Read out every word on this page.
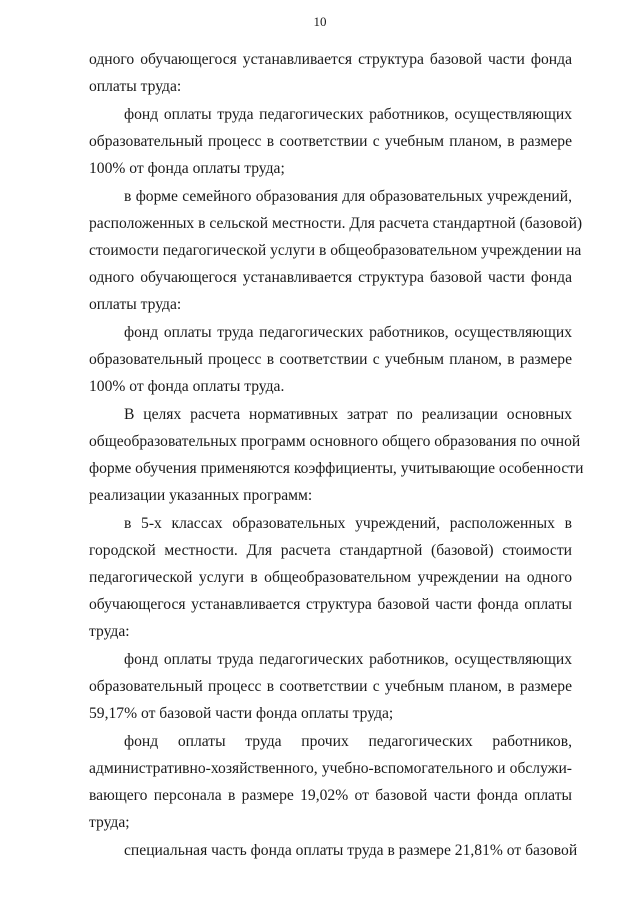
10
одного обучающегося устанавливается структура базовой части фонда
оплаты труда:
фонд оплаты труда педагогических работников, осуществляющих
образовательный процесс в соответствии с учебным планом, в размере
100% от фонда оплаты труда;
в форме семейного образования для образовательных учреждений,
расположенных в сельской местности. Для расчета стандартной (базовой)
стоимости педагогической услуги в общеобразовательном учреждении на
одного обучающегося устанавливается структура базовой части фонда
оплаты труда:
фонд оплаты труда педагогических работников, осуществляющих
образовательный процесс в соответствии с учебным планом, в размере
100% от фонда оплаты труда.
В целях расчета нормативных затрат по реализации основных
общеобразовательных программ основного общего образования по очной
форме обучения применяются коэффициенты, учитывающие особенности
реализации указанных программ:
в 5-х классах образовательных учреждений, расположенных в
городской местности. Для расчета стандартной (базовой) стоимости
педагогической услуги в общеобразовательном учреждении на одного
обучающегося устанавливается структура базовой части фонда оплаты
труда:
фонд оплаты труда педагогических работников, осуществляющих
образовательный процесс в соответствии с учебным планом, в размере
59,17% от базовой части фонда оплаты труда;
фонд оплаты труда прочих педагогических работников,
административно-хозяйственного, учебно-вспомогательного и обслужи-
вающего персонала в размере 19,02% от базовой части фонда оплаты
труда;
специальная часть фонда оплаты труда в размере 21,81% от базовой
